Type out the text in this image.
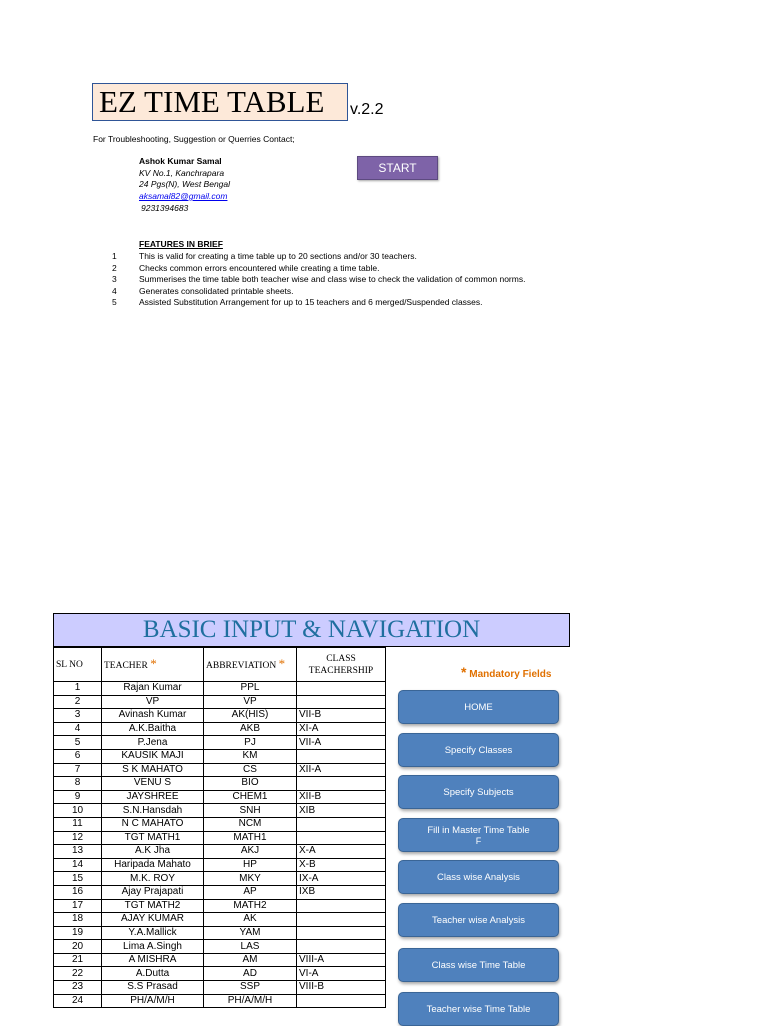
EZ TIME TABLE	v.2.2
For Troubleshooting, Suggestion or Querries Contact;
Ashok Kumar Samal
KV No.1, Kanchrapara
24 Pgs(N), West Bengal
aksamal82@gmail.com
9231394683
START
FEATURES IN BRIEF
1	This is valid for creating a time table up to 20 sections and/or 30 teachers.
2	Checks common errors encountered while creating a time table.
3	Summerises the time table both teacher wise and class wise to check the validation of common norms.
4	Generates consolidated printable sheets.
5	Assisted Substitution Arrangement for up to 15 teachers and 6 merged/Suspended classes.
BASIC INPUT & NAVIGATION
SL NO	TEACHER *	ABBREVIATION *	CLASS
TEACHERSHIP
1	Rajan Kumar	PPL	
2	VP	VP	
3	Avinash Kumar	AK(HIS)	VII-B
4	A.K.Baitha	AKB	XI-A
5	P.Jena	PJ	VII-A
6	KAUSIK MAJI	KM	
7	S K MAHATO	CS	XII-A
8	VENU S	BIO	
9	JAYSHREE	CHEM1	XII-B
10	S.N.Hansdah	SNH	XIB
11	N C MAHATO	NCM	
12	TGT MATH1	MATH1	
13	A.K Jha	AKJ	X-A
14	Haripada Mahato	HP	X-B
15	M.K. ROY	MKY	IX-A
16	Ajay Prajapati	AP	IXB
17	TGT MATH2	MATH2	
18	AJAY KUMAR	AK	
19	Y.A.Mallick	YAM	
20	Lima A.Singh	LAS	
21	A MISHRA	AM	VIII-A
22	A.Dutta	AD	VI-A
23	S.S Prasad	SSP	VIII-B
24	PH/A/M/H	PH/A/M/H	
* Mandatory Fields
HOME
Specify Classes
Specify Subjects
Fill in Master Time Table
F
Class wise Analysis
Teacher wise Analysis
Class wise Time Table
Teacher wise Time Table
